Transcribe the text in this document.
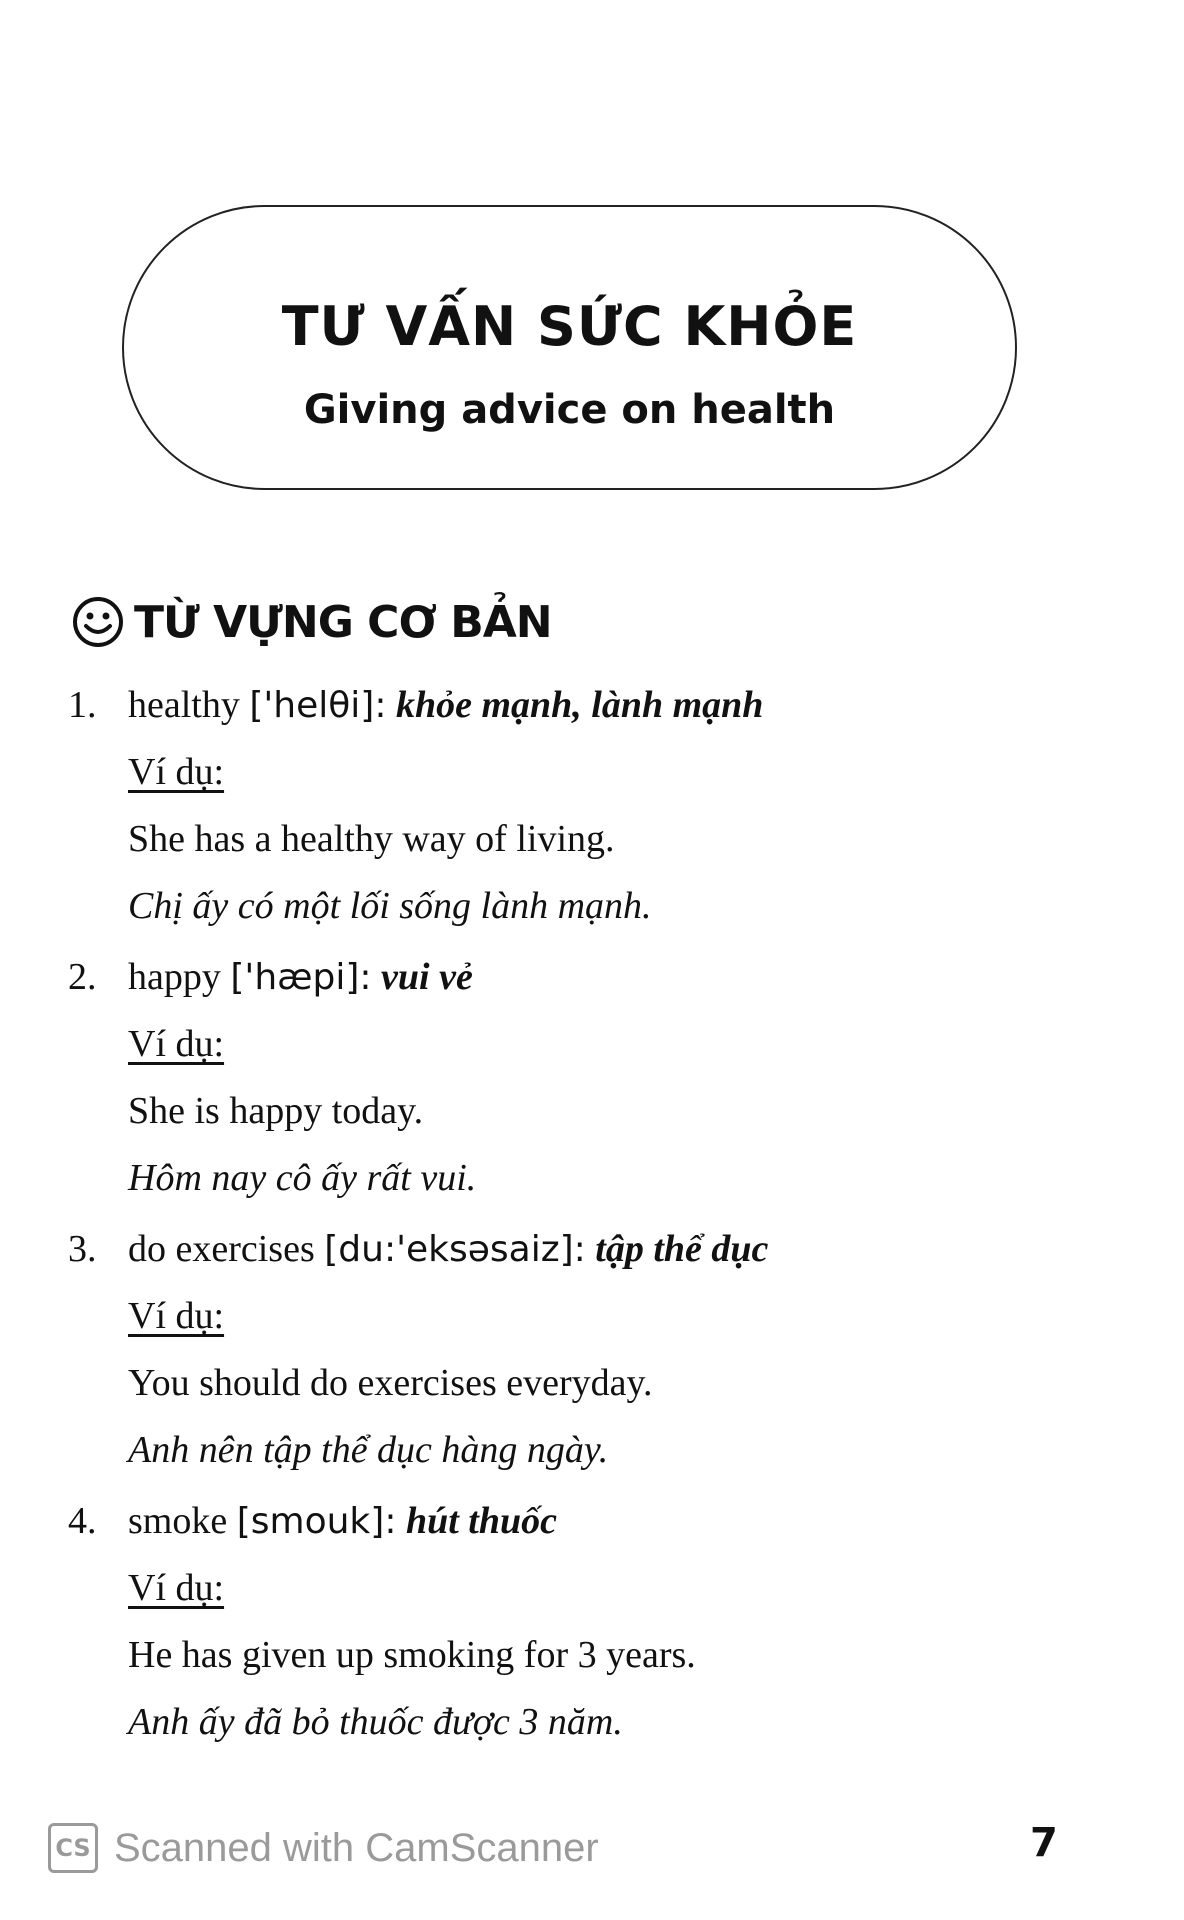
TƯ VẤN SỨC KHỎE
Giving advice on health
TỪ VỰNG CƠ BẢN
1. healthy ['helθi]: khỏe mạnh, lành mạnh
Ví dụ:
She has a healthy way of living.
Chị ấy có một lối sống lành mạnh.
2. happy ['hæpi]: vui vẻ
Ví dụ:
She is happy today.
Hôm nay cô ấy rất vui.
3. do exercises [du:'eksəsaiz]: tập thể dục
Ví dụ:
You should do exercises everyday.
Anh nên tập thể dục hàng ngày.
4. smoke [smouk]: hút thuốc
Ví dụ:
He has given up smoking for 3 years.
Anh ấy đã bỏ thuốc được 3 năm.
CS Scanned with CamScanner	7
